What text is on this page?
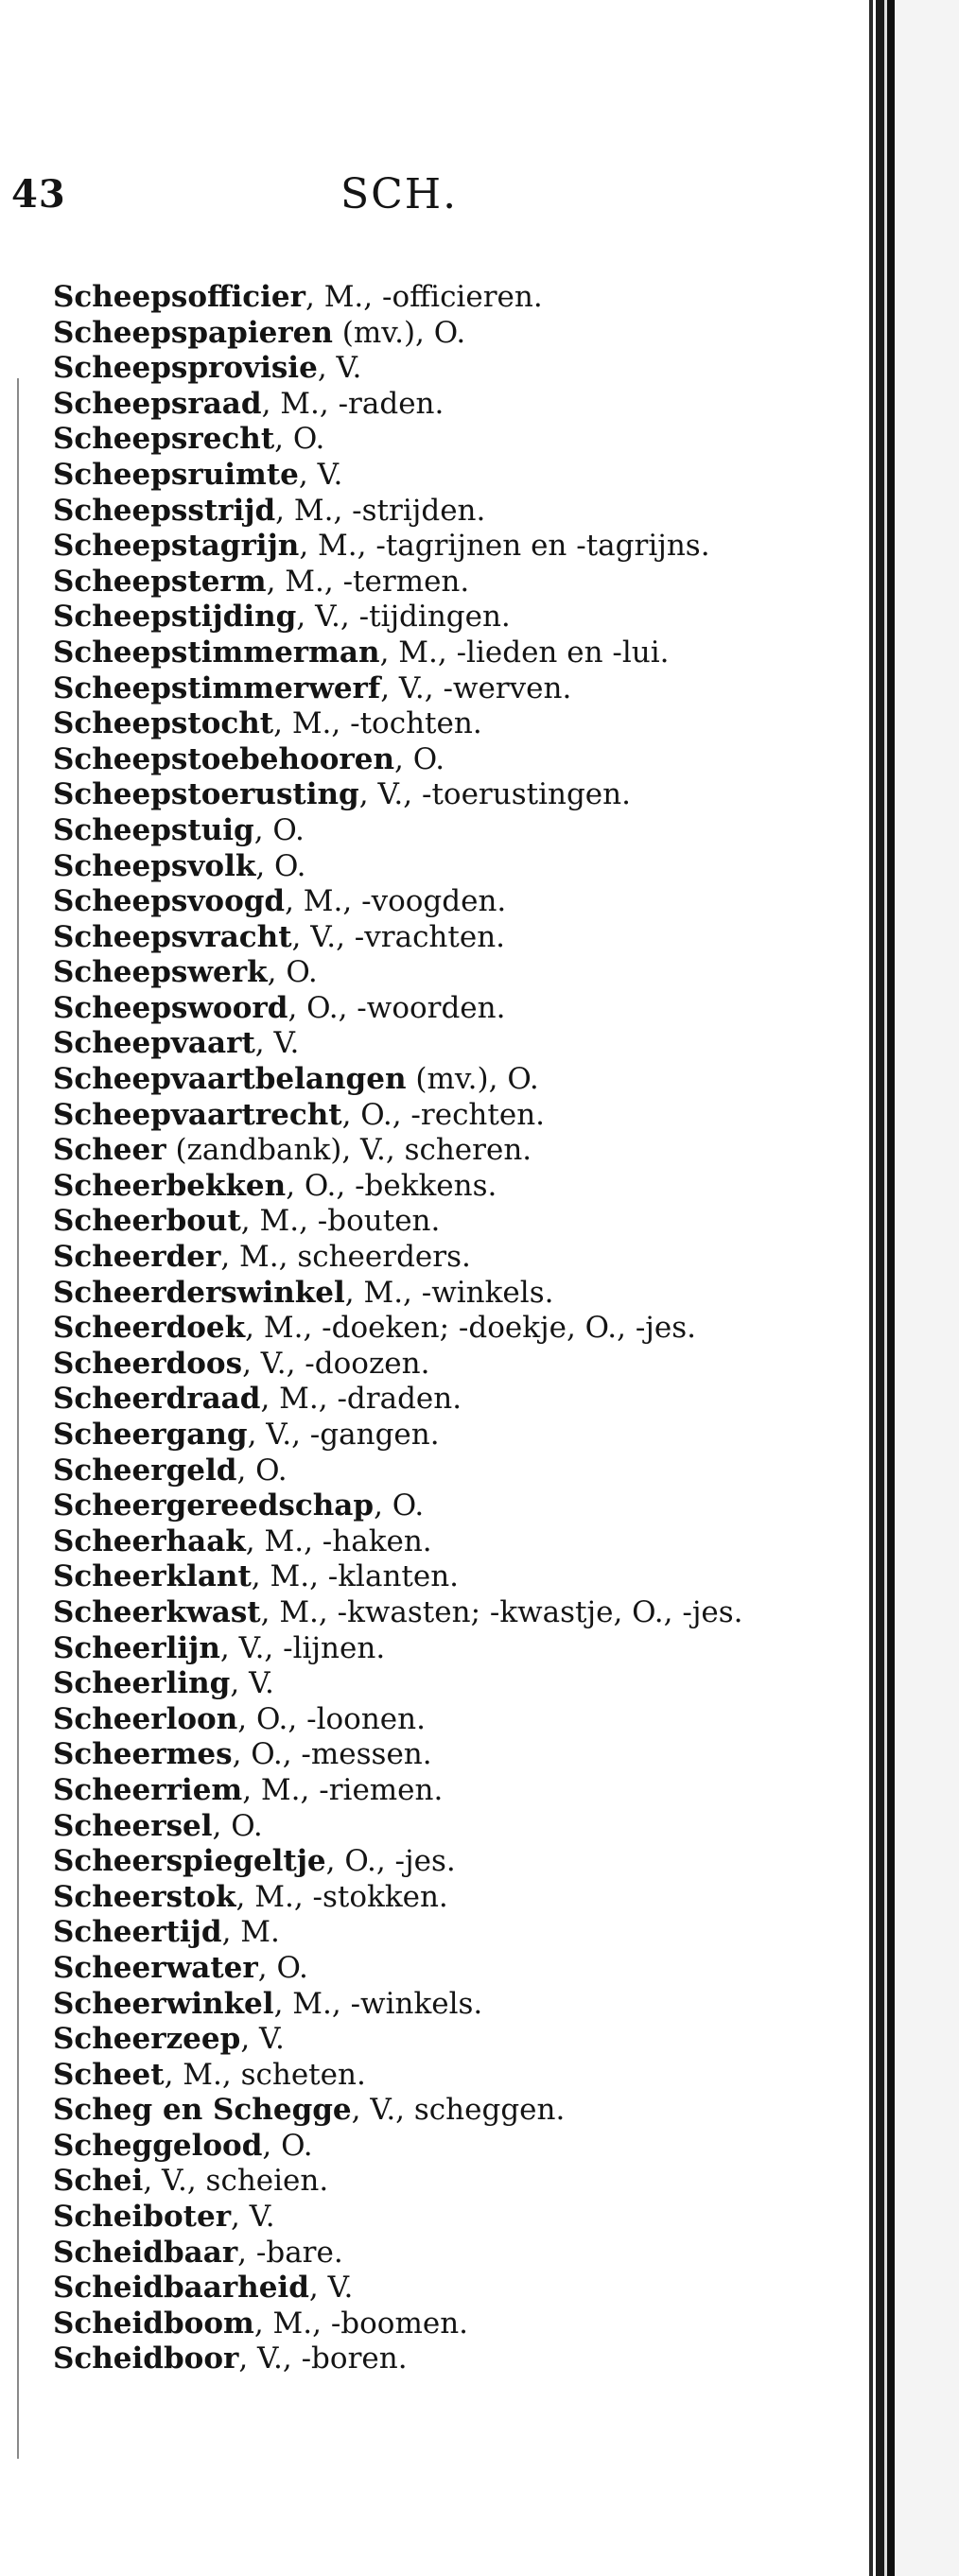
43	SCH.
Scheepsofficier, M., -officieren.
Scheepspapieren (mv.), O.
Scheepsprovisie, V.
Scheepsraad, M., -raden.
Scheepsrecht, O.
Scheepsruimte, V.
Scheepsstrijd, M., -strijden.
Scheepstagrijn, M., -tagrijnen en -tagrijns.
Scheepsterm, M., -termen.
Scheepstijding, V., -tijdingen.
Scheepstimmerman, M., -lieden en -lui.
Scheepstimmerwerf, V., -werven.
Scheepstocht, M., -tochten.
Scheepstoebehooren, O.
Scheepstoerusting, V., -toerustingen.
Scheepstuig, O.
Scheepsvolk, O.
Scheepsvoogd, M., -voogden.
Scheepsvracht, V., -vrachten.
Scheepswerk, O.
Scheepswoord, O., -woorden.
Scheepvaart, V.
Scheepvaartbelangen (mv.), O.
Scheepvaartrecht, O., -rechten.
Scheer (zandbank), V., scheren.
Scheerbekken, O., -bekkens.
Scheerbout, M., -bouten.
Scheerder, M., scheerders.
Scheerderswinkel, M., -winkels.
Scheerdoek, M., -doeken; -doekje, O., -jes.
Scheerdoos, V., -doozen.
Scheerdraad, M., -draden.
Scheergang, V., -gangen.
Scheergeld, O.
Scheergereedschap, O.
Scheerhaak, M., -haken.
Scheerklant, M., -klanten.
Scheerkwast, M., -kwasten; -kwastje, O., -jes.
Scheerlijn, V., -lijnen.
Scheerling, V.
Scheerloon, O., -loonen.
Scheermes, O., -messen.
Scheerriem, M., -riemen.
Scheersel, O.
Scheerspiegeltje, O., -jes.
Scheerstok, M., -stokken.
Scheertijd, M.
Scheerwater, O.
Scheerwinkel, M., -winkels.
Scheerzeep, V.
Scheet, M., scheten.
Scheg en Schegge, V., scheggen.
Scheggelood, O.
Schei, V., scheien.
Scheiboter, V.
Scheidbaar, -bare.
Scheidbaarheid, V.
Scheidboom, M., -boomen.
Scheidboor, V., -boren.
